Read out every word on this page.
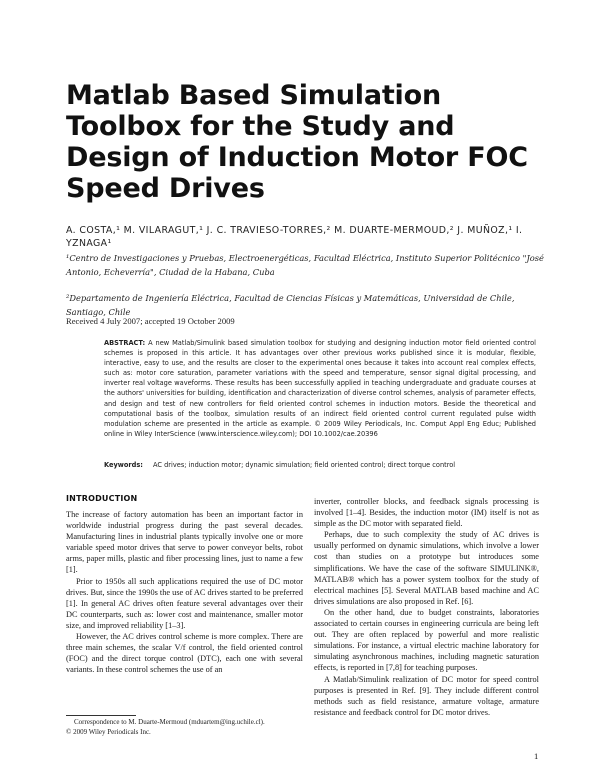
Matlab Based Simulation Toolbox for the Study and Design of Induction Motor FOC Speed Drives
A. COSTA,¹ M. VILARAGUT,¹ J. C. TRAVIESO-TORRES,² M. DUARTE-MERMOUD,² J. MUÑOZ,¹ I. YZNAGA¹
¹Centro de Investigaciones y Pruebas, Electroenergéticas, Facultad Eléctrica, Instituto Superior Politécnico "José Antonio, Echeverría", Ciudad de la Habana, Cuba
²Departamento de Ingeniería Eléctrica, Facultad de Ciencias Físicas y Matemáticas, Universidad de Chile, Santiago, Chile
Received 4 July 2007; accepted 19 October 2009
ABSTRACT: A new Matlab/Simulink based simulation toolbox for studying and designing induction motor field oriented control schemes is proposed in this article. It has advantages over other previous works published since it is modular, flexible, interactive, easy to use, and the results are closer to the experimental ones because it takes into account real complex effects, such as: motor core saturation, parameter variations with the speed and temperature, sensor signal digital processing, and inverter real voltage waveforms. These results has been successfully applied in teaching undergraduate and graduate courses at the authors' universities for building, identification and characterization of diverse control schemes, analysis of parameter effects, and design and test of new controllers for field oriented control schemes in induction motors. Beside the theoretical and computational basis of the toolbox, simulation results of an indirect field oriented control current regulated pulse width modulation scheme are presented in the article as example. © 2009 Wiley Periodicals, Inc. Comput Appl Eng Educ; Published online in Wiley InterScience (www.interscience.wiley.com); DOI 10.1002/cae.20396
Keywords: AC drives; induction motor; dynamic simulation; field oriented control; direct torque control
INTRODUCTION

The increase of factory automation has been an important factor in worldwide industrial progress during the past several decades. Manufacturing lines in industrial plants typically involve one or more variable speed motor drives that serve to power conveyor belts, robot arms, paper mills, plastic and fiber processing lines, just to name a few [1].

Prior to 1950s all such applications required the use of DC motor drives. But, since the 1990s the use of AC drives started to be preferred [1]. In general AC drives often feature several advantages over their DC counterparts, such as: lower cost and maintenance, smaller motor size, and improved reliability [1–3].

However, the AC drives control scheme is more complex. There are three main schemes, the scalar V/f control, the field oriented control (FOC) and the direct torque control (DTC), each one with several variants. In these control schemes the use of an

inverter, controller blocks, and feedback signals processing is involved [1–4]. Besides, the induction motor (IM) itself is not as simple as the DC motor with separated field.

Perhaps, due to such complexity the study of AC drives is usually performed on dynamic simulations, which involve a lower cost than studies on a prototype but introduces some simplifications. We have the case of the software SIMULINK®, MATLAB® which has a power system toolbox for the study of electrical machines [5]. Several MATLAB based machine and AC drives simulations are also proposed in Ref. [6].

On the other hand, due to budget constraints, laboratories associated to certain courses in engineering curricula are being left out. They are often replaced by powerful and more realistic simulations. For instance, a virtual electric machine laboratory for simulating asynchronous machines, including magnetic saturation effects, is reported in [7,8] for teaching purposes.

A Matlab/Simulink realization of DC motor for speed control purposes is presented in Ref. [9]. They include different control methods such as field resistance, armature voltage, armature resistance and feedback control for DC motor drives.

Correspondence to M. Duarte-Mermoud (mduartem@ing.uchile.cl).

© 2009 Wiley Periodicals Inc.

1
